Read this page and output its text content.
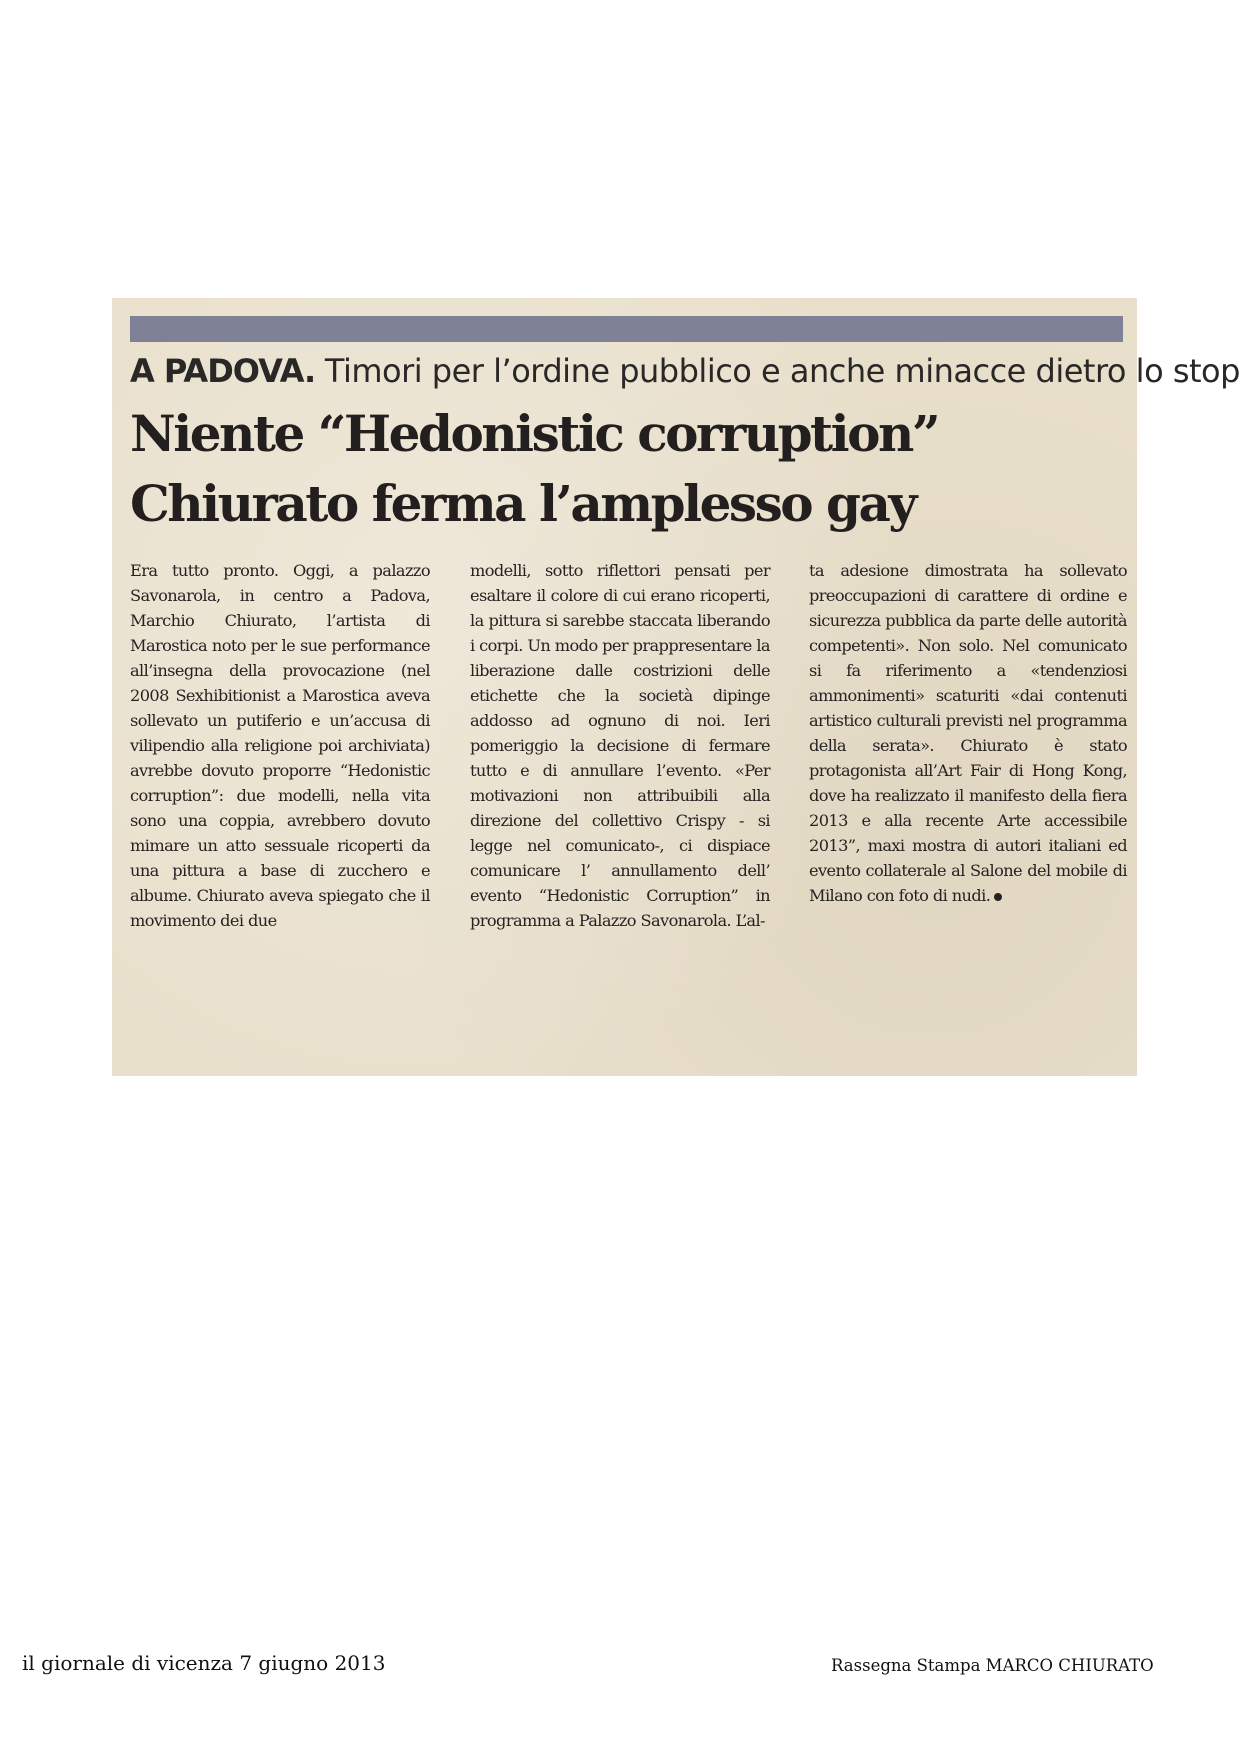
A PADOVA. Timori per l’ordine pubblico e anche minacce dietro lo stop
Niente “Hedonistic corruption”
Chiurato ferma l’amplesso gay
Era tutto pronto. Oggi, a palazzo Savonarola, in centro a Padova, Marchio Chiurato, l’artista di Marostica noto per le sue performance all’insegna della provocazione (nel 2008 Sexhibitionist a Marostica aveva sollevato un putiferio e un’accusa di vilipendio alla religione poi archiviata) avrebbe dovuto proporre “Hedonistic corruption”: due modelli, nella vita sono una coppia, avrebbero dovuto mimare un atto sessuale ricoperti da una pittura a base di zucchero e albume. Chiurato aveva spiegato che il movimento dei due
modelli, sotto riflettori pensati per esaltare il colore di cui erano ricoperti, la pittura si sarebbe staccata liberando i corpi. Un modo per prappresentare la liberazione dalle costrizioni delle etichette che la società dipinge addosso ad ognuno di noi. Ieri pomeriggio la decisione di fermare tutto e di annullare l’evento. «Per motivazioni non attribuibili alla direzione del collettivo Crispy - si legge nel comunicato-, ci dispiace comunicare l’ annullamento dell’ evento “Hedonistic Corruption” in programma a Palazzo Savonarola. L’al-
ta adesione dimostrata ha sollevato preoccupazioni di carattere di ordine e sicurezza pubblica da parte delle autorità competenti». Non solo. Nel comunicato si fa riferimento a «tendenziosi ammonimenti» scaturiti «dai contenuti artistico culturali previsti nel programma della serata». Chiurato è stato protagonista all’Art Fair di Hong Kong, dove ha realizzato il manifesto della fiera 2013 e alla recente Arte accessibile 2013”, maxi mostra di autori italiani ed evento collaterale al Salone del mobile di Milano con foto di nudi.
il giornale di vicenza 7 giugno 2013	Rassegna Stampa MARCO CHIURATO
